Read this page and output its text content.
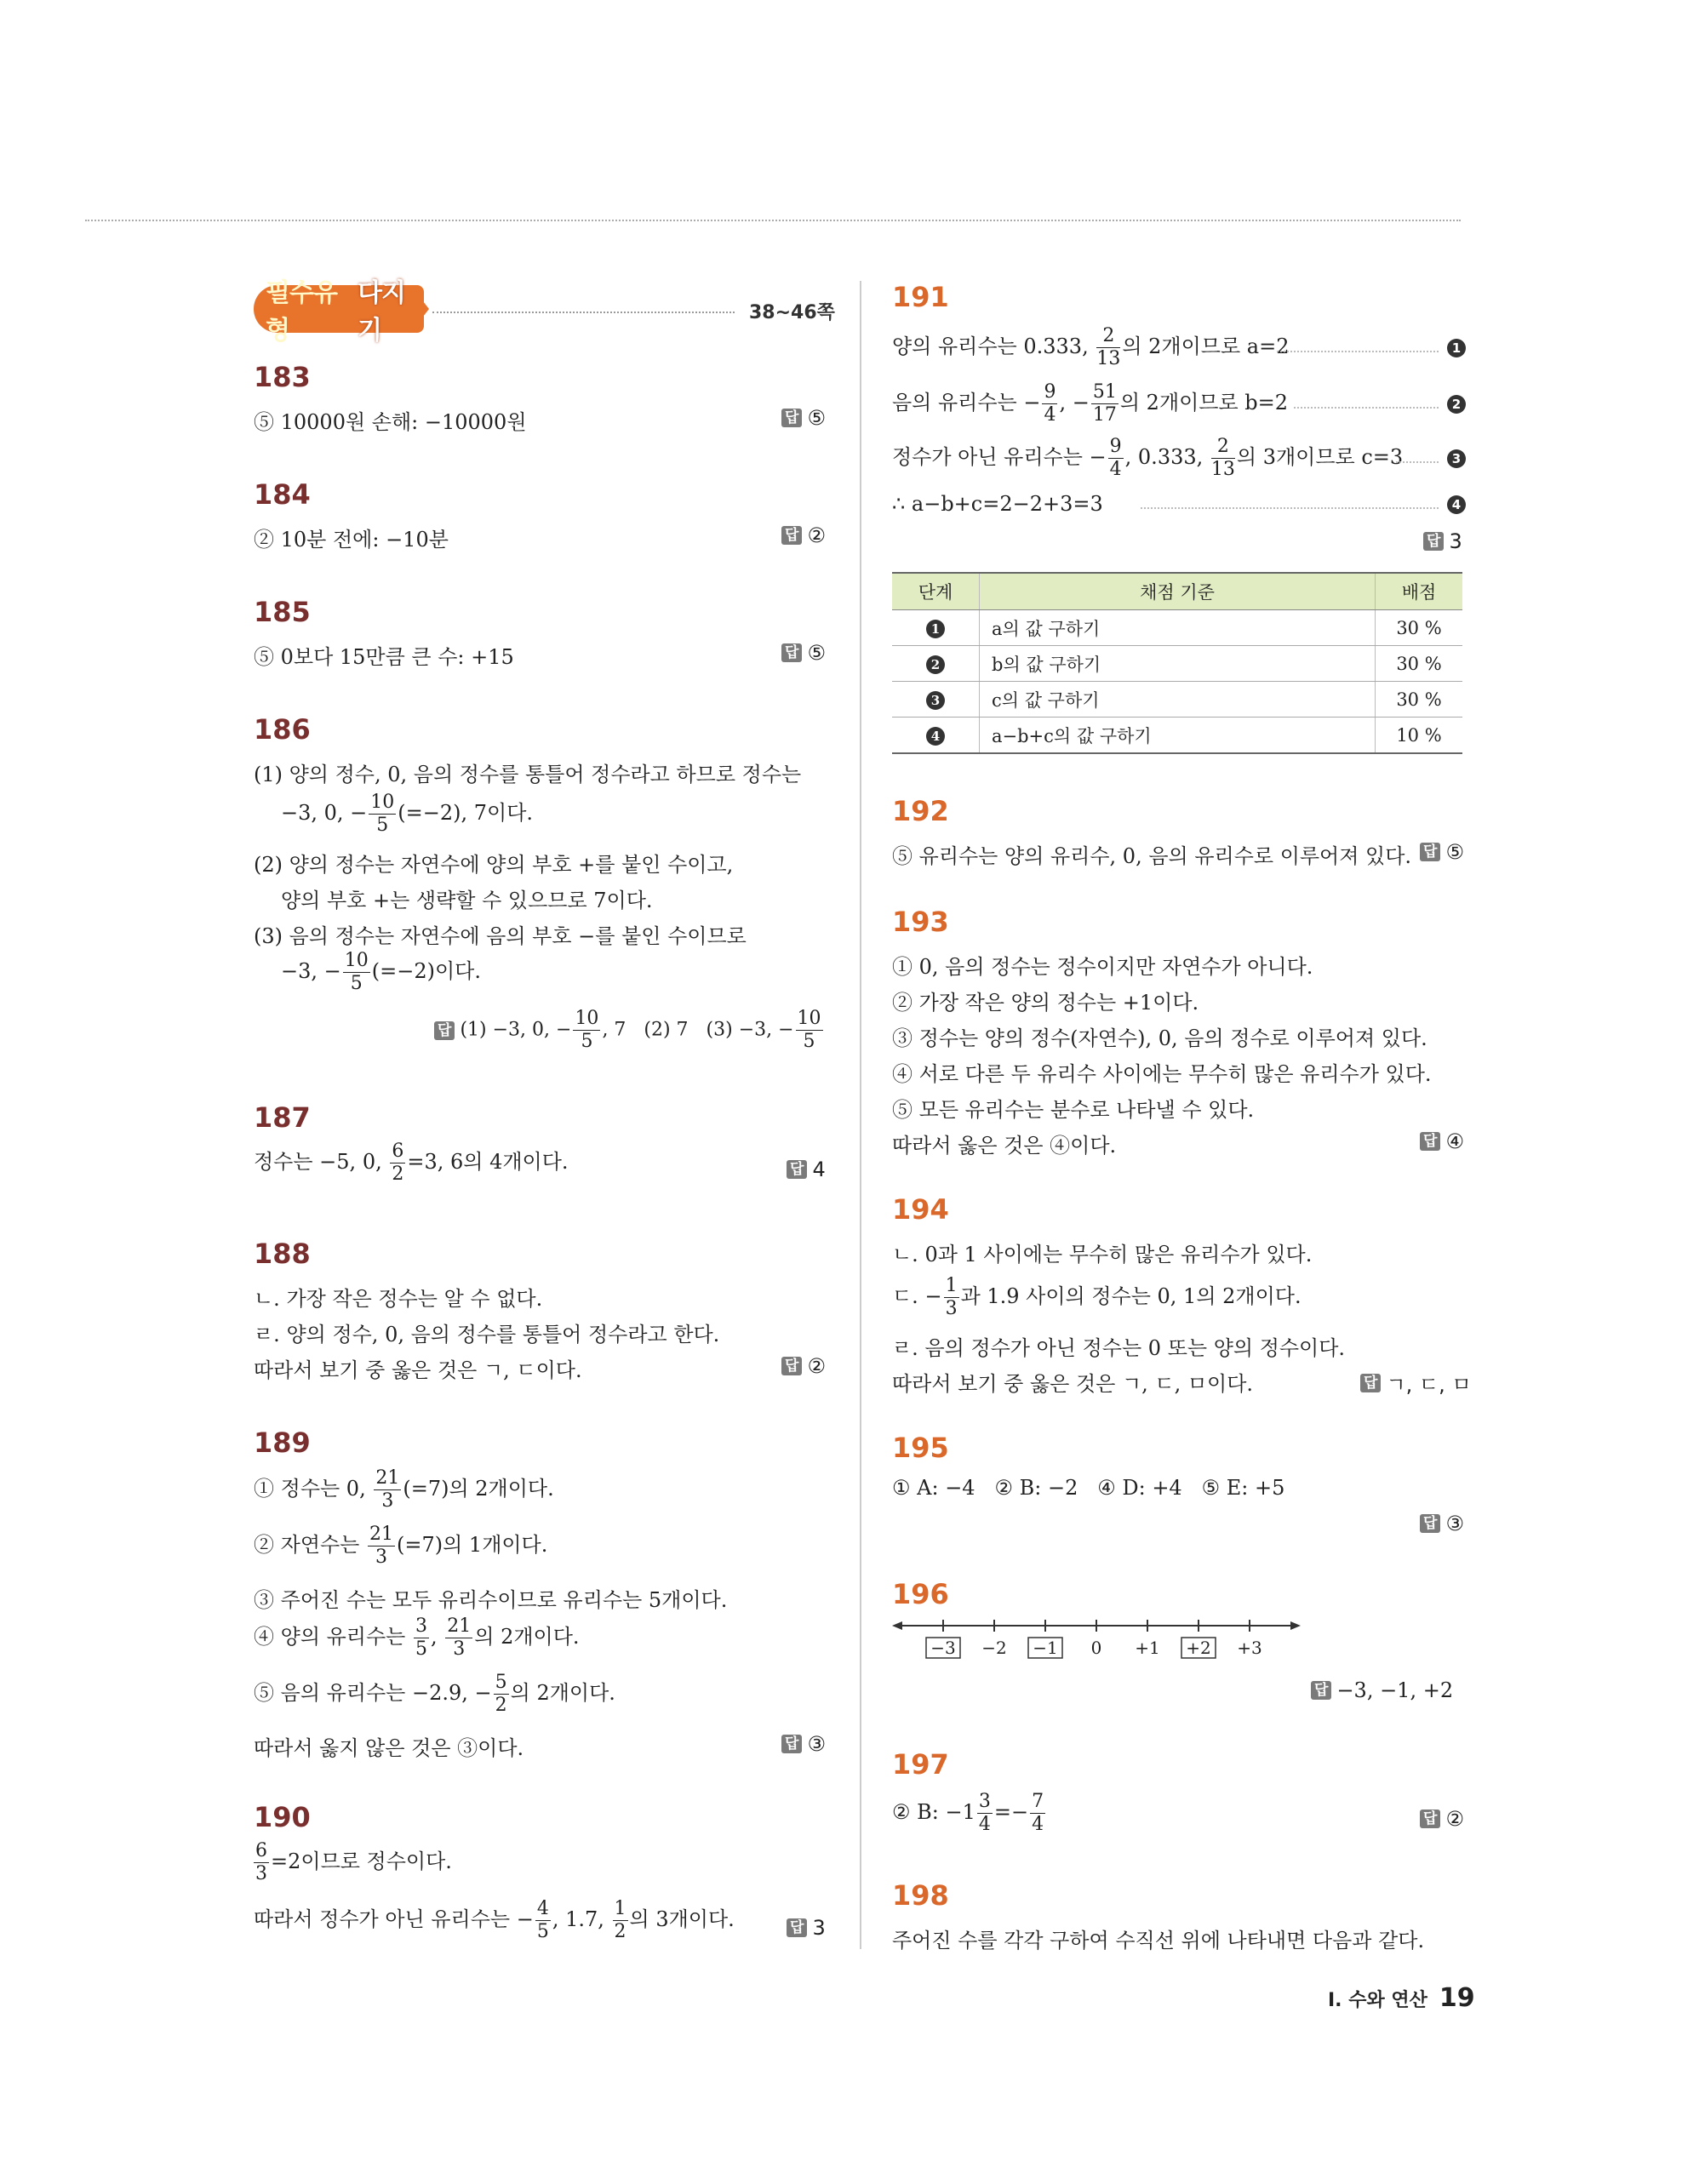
필수유형
다지기
38~46쪽
183
⑤ 10000원 손해: −10000원	답 ⑤
184
② 10분 전에: −10분	답 ②
185
⑤ 0보다 15만큼 큰 수: +15	답 ⑤
186
(1) 양의 정수, 0, 음의 정수를 통틀어 정수라고 하므로 정수는
−3, 0, − $\frac{10}{5} (=-2)$, 7이다.
(2) 양의 정수는 자연수에 양의 부호 +를 붙인 수이고,
양의 부호 +는 생략할 수 있으므로 7이다.
(3) 음의 정수는 자연수에 음의 부호 −를 붙인 수이므로
−3, − $\frac{10}{5} (=-2)$이다.
답 (1) −3, 0, − $\frac{10}{5}$ , 7   (2) 7   (3) −3, − $\frac{10}{5}$
187
정수는 −5, 0, $\frac{6}{2} =3$, 6의 4개이다.	답 4
188
ㄴ. 가장 작은 정수는 알 수 없다.
ㄹ. 양의 정수, 0, 음의 정수를 통틀어 정수라고 한다.
따라서 보기 중 옳은 것은 ㄱ, ㄷ이다.	답 ②
189
① 정수는 0, $\frac{21}{3} (=7)$의 2개이다.
② 자연수는 $\frac{21}{3} (=7)$의 1개이다.
③ 주어진 수는 모두 유리수이므로 유리수는 5개이다.
④ 양의 유리수는 $\frac{3}{5}$ , $\frac{21}{3}$ 의 2개이다.
⑤ 음의 유리수는 −2.9, − $\frac{5}{2}$ 의 2개이다.
따라서 옳지 않은 것은 ③이다.	답 ③
190
$\frac{6}{3} =2$이므로 정수이다.
따라서 정수가 아닌 유리수는 − $\frac{4}{5}$ , 1.7, $\frac{1}{2}$ 의 3개이다.	답 3
191
양의 유리수는 0.333, $\frac{2}{13}$ 의 2개이므로 a=2	1
음의 유리수는 − $\frac{9}{4}$ , − $\frac{51}{17}$ 의 2개이므로 b=2	2
정수가 아닌 유리수는 − $\frac{9}{4}$ , 0.333, $\frac{2}{13}$ 의 3개이므로 c=3	3
∴ a−b+c=2−2+3=3	4
답 3
단계	채점 기준	배점
1	a의 값 구하기	30 %
2	b의 값 구하기	30 %
3	c의 값 구하기	30 %
4	a−b+c의 값 구하기	10 %
192
⑤ 유리수는 양의 유리수, 0, 음의 유리수로 이루어져 있다. 답 ⑤
193
① 0, 음의 정수는 정수이지만 자연수가 아니다.
② 가장 작은 양의 정수는 +1이다.
③ 정수는 양의 정수(자연수), 0, 음의 정수로 이루어져 있다.
④ 서로 다른 두 유리수 사이에는 무수히 많은 유리수가 있다.
⑤ 모든 유리수는 분수로 나타낼 수 있다.
따라서 옳은 것은 ④이다.	답 ④
194
ㄴ. 0과 1 사이에는 무수히 많은 유리수가 있다.
ㄷ. − $\frac{1}{3}$ 과 1.9 사이의 정수는 0, 1의 2개이다.
ㄹ. 음의 정수가 아닌 정수는 0 또는 양의 정수이다.
따라서 보기 중 옳은 것은 ㄱ, ㄷ, ㅁ이다.	답 ㄱ, ㄷ, ㅁ
195
① A: −4   ② B: −2   ④ D: +4   ⑤ E: +5
답 ③
196
−3 −2 −1 0 +1 +2 +3
답 −3, −1, +2
197
② B: $-1 \frac{3}{4} =- \frac{7}{4}$	답 ②
198
주어진 수를 각각 구하여 수직선 위에 나타내면 다음과 같다.
I. 수와 연산 19
